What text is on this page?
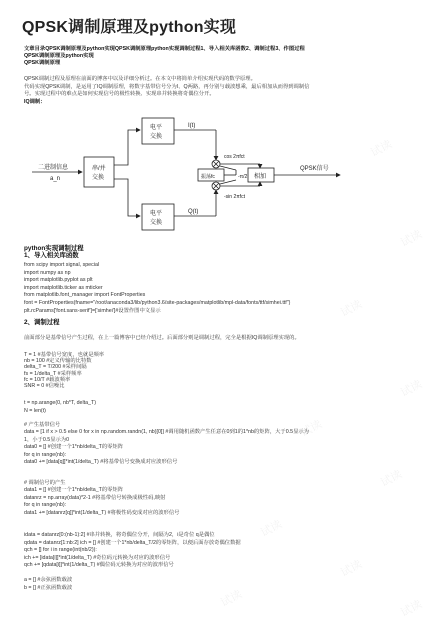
试读
试读
试读
试读
试读
试读
试读
试读
试读
试读
QPSK调制原理及python实现
文章目录QPSK调制原理及python实现QPSK调制原理python实现调制过程1、导入相关库函数2、调制过程3、作图过程
QPSK调制原理及python实现
QPSK调制原理
QPSK调制过程及原理在前面的博客中以及详细分析过。在本文中将简单介绍实现代码的数学原理。
代码实现QPSK调制，是运用了IQ调制原理，将数字基带信号分为I、Q两路，再分别与载波想乘，最后相加从而得到调制信
号。实现过程中的难点是如何实现信号的极性转换、实现串并转换将奇偶位分开。
IQ调制：
二进制信息
a_n
串/并
交换
电平
交换
电平
交换
I(t)
Q(t)
cos 2πfct
-sin 2πfct
振荡fc	-π/2 相加
QPSK信号
python实现调制过程
1、导入相关库函数
from scipy import signal, special
import numpy as np
import matplotlib.pyplot as plt
import matplotlib.ticker as mticker
from matplotlib.font_manager import FontProperties
font = FontProperties(fname="/root/anaconda3/lib/python3.6/site-packages/matplotlib/mpl-data/fonts/ttf/simhei.ttf")
plt.rcParams['font.sans-serif']=['simhei']#设置作图中文显示
2、调制过程
前面部分是基带信号产生过程，在上一篇博客中已经介绍过。后面部分则是调制过程，完全是根据IQ调制原理实现的。
T = 1 #基带信号宽度，也就是频率
nb = 100 #定义传输的比特数
delta_T = T/200 #采样间隔
fs = 1/delta_T #采样频率
fc = 10/T #载波频率
SNR = 0 #信噪比
t = np.arange(0, nb*T, delta_T)
N = len(t)
# 产生基带信号
data = [1 if x > 0.5 else 0 for x in np.random.randn(1, nb)[0]] #调用随机函数产生任意在0到1的1*nb的矩阵，大于0.5显示为
1，小于0.5显示为0
data0 = [] #创建一个1*nb/delta_T的零矩阵
for q in range(nb):
data0 += [data[q]]*int(1/delta_T) #将基带信号变换成对应波形信号
# 调制信号的产生
data1 = [] #创建一个1*nb/delta_T的零矩阵
datanrz = np.array(data)*2-1 #将基带信号转换成极性码,映射
for q in range(nb):
data1 += [datanrz[q]]*int(1/delta_T) #将极性码变成对应的波形信号
idata = datanrz[0:(nb-1):2] #串并转换，将奇偶位分开，间隔为2，i是奇位 q是偶位
qdata = datanrz[1:nb:2] ich = [] #创建一个1*nb/delta_T/2的零矩阵，以便后面存放奇偶位数据
qch = [] for i in range(int(nb/2)):
ich += [idata[i]]*int(1/delta_T) #奇位码元转换为对应的波形信号
qch += [qdata[i]]*int(1/delta_T) #偶位码元转换为对应的波形信号
a = [] #余弦函数载波
b = [] #正弦函数载波
